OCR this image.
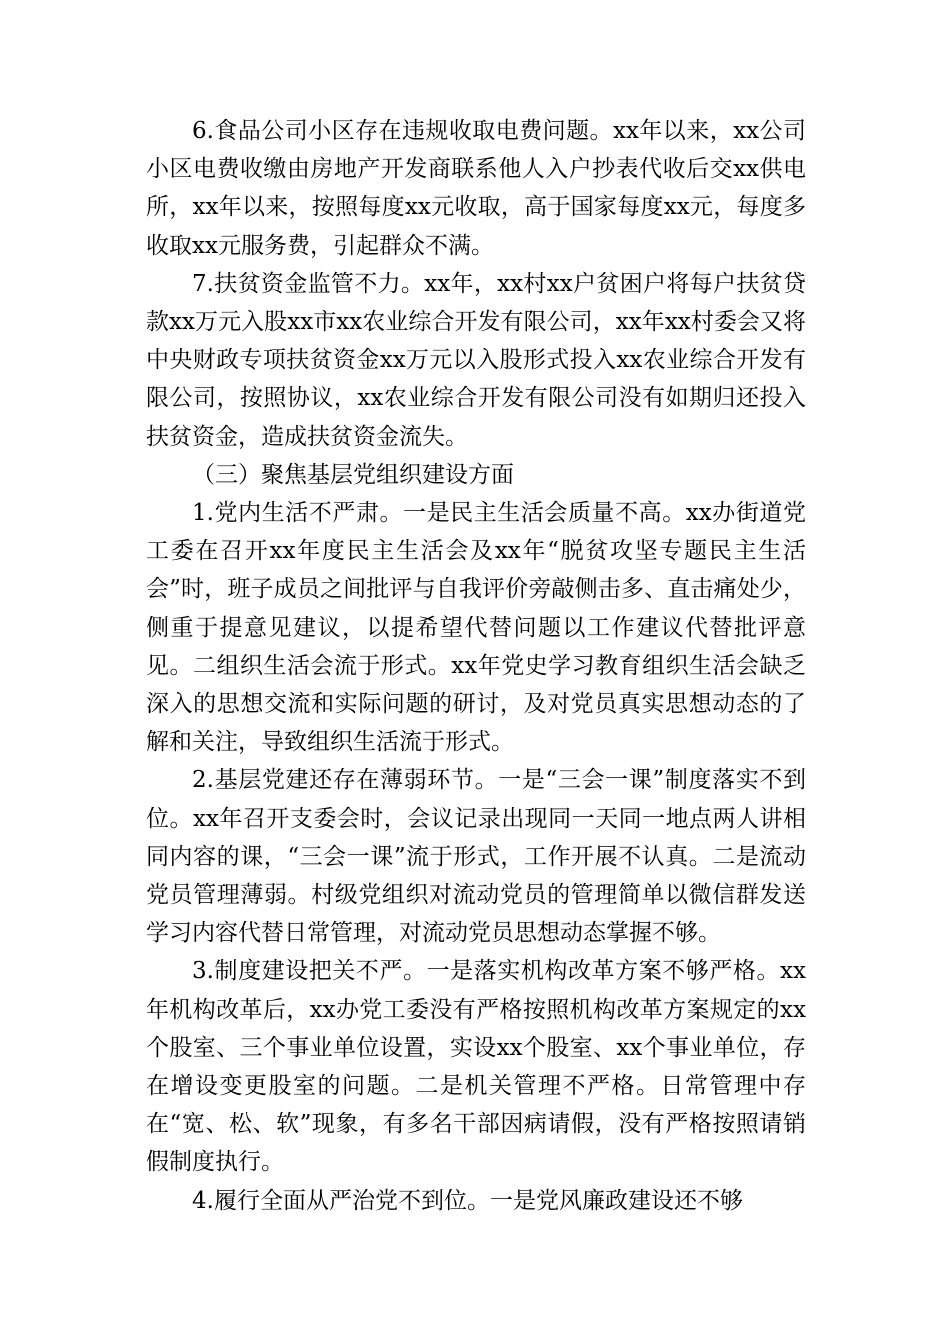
6.食品公司小区存在违规收取电费问题。xx年以来，xx公司小区电费收缴由房地产开发商联系他人入户抄表代收后交xx供电所，xx年以来，按照每度xx元收取，高于国家每度xx元，每度多收取xx元服务费，引起群众不满。

7.扶贫资金监管不力。xx年，xx村xx户贫困户将每户扶贫贷款xx万元入股xx市xx农业综合开发有限公司，xx年xx村委会又将中央财政专项扶贫资金xx万元以入股形式投入xx农业综合开发有限公司，按照协议，xx农业综合开发有限公司没有如期归还投入扶贫资金，造成扶贫资金流失。

（三）聚焦基层党组织建设方面

1.党内生活不严肃。一是民主生活会质量不高。xx办街道党工委在召开xx年度民主生活会及xx年“脱贫攻坚专题民主生活会”时，班子成员之间批评与自我评价旁敲侧击多、直击痛处少，侧重于提意见建议，以提希望代替问题以工作建议代替批评意见。二组织生活会流于形式。xx年党史学习教育组织生活会缺乏深入的思想交流和实际问题的研讨，及对党员真实思想动态的了解和关注，导致组织生活流于形式。

2.基层党建还存在薄弱环节。一是“三会一课”制度落实不到位。xx年召开支委会时，会议记录出现同一天同一地点两人讲相同内容的课，“三会一课”流于形式，工作开展不认真。二是流动党员管理薄弱。村级党组织对流动党员的管理简单以微信群发送学习内容代替日常管理，对流动党员思想动态掌握不够。

3.制度建设把关不严。一是落实机构改革方案不够严格。xx年机构改革后，xx办党工委没有严格按照机构改革方案规定的xx个股室、三个事业单位设置，实设xx个股室、xx个事业单位，存在增设变更股室的问题。二是机关管理不严格。日常管理中存在“宽、松、软”现象，有多名干部因病请假，没有严格按照请销假制度执行。

4.履行全面从严治党不到位。一是党风廉政建设还不够
